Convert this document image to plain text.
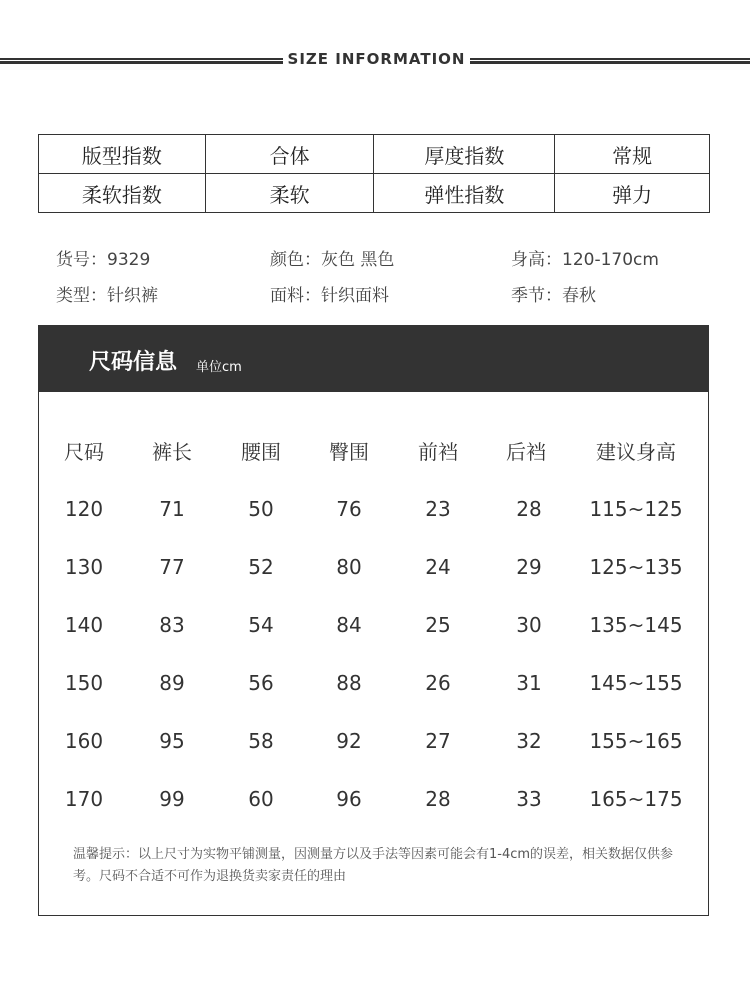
SIZE INFORMATION
版型指数	合体	厚度指数	常规
柔软指数	柔软	弹性指数	弹力
货号：9329	颜色：灰色 黑色	身高：120-170cm
类型：针织裤	面料：针织面料	季节：春秋
尺码信息 单位cm
尺码 裤长 腰围 臀围 前裆 后裆	建议身高
120	71	50	76	23	28 115~125
130	77	52	80	24	29 125~135
140	83	54	84	25	30 135~145
150	89	56	88	26	31 145~155
160	95	58	92	27	32 155~165
170	99	60	96	28	33 165~175
温馨提示：以上尺寸为实物平铺测量，因测量方以及手法等因素可能会有1-4cm的误差，相关数据仅供参考。尺码不合适不可作为退换货卖家责任的理由
